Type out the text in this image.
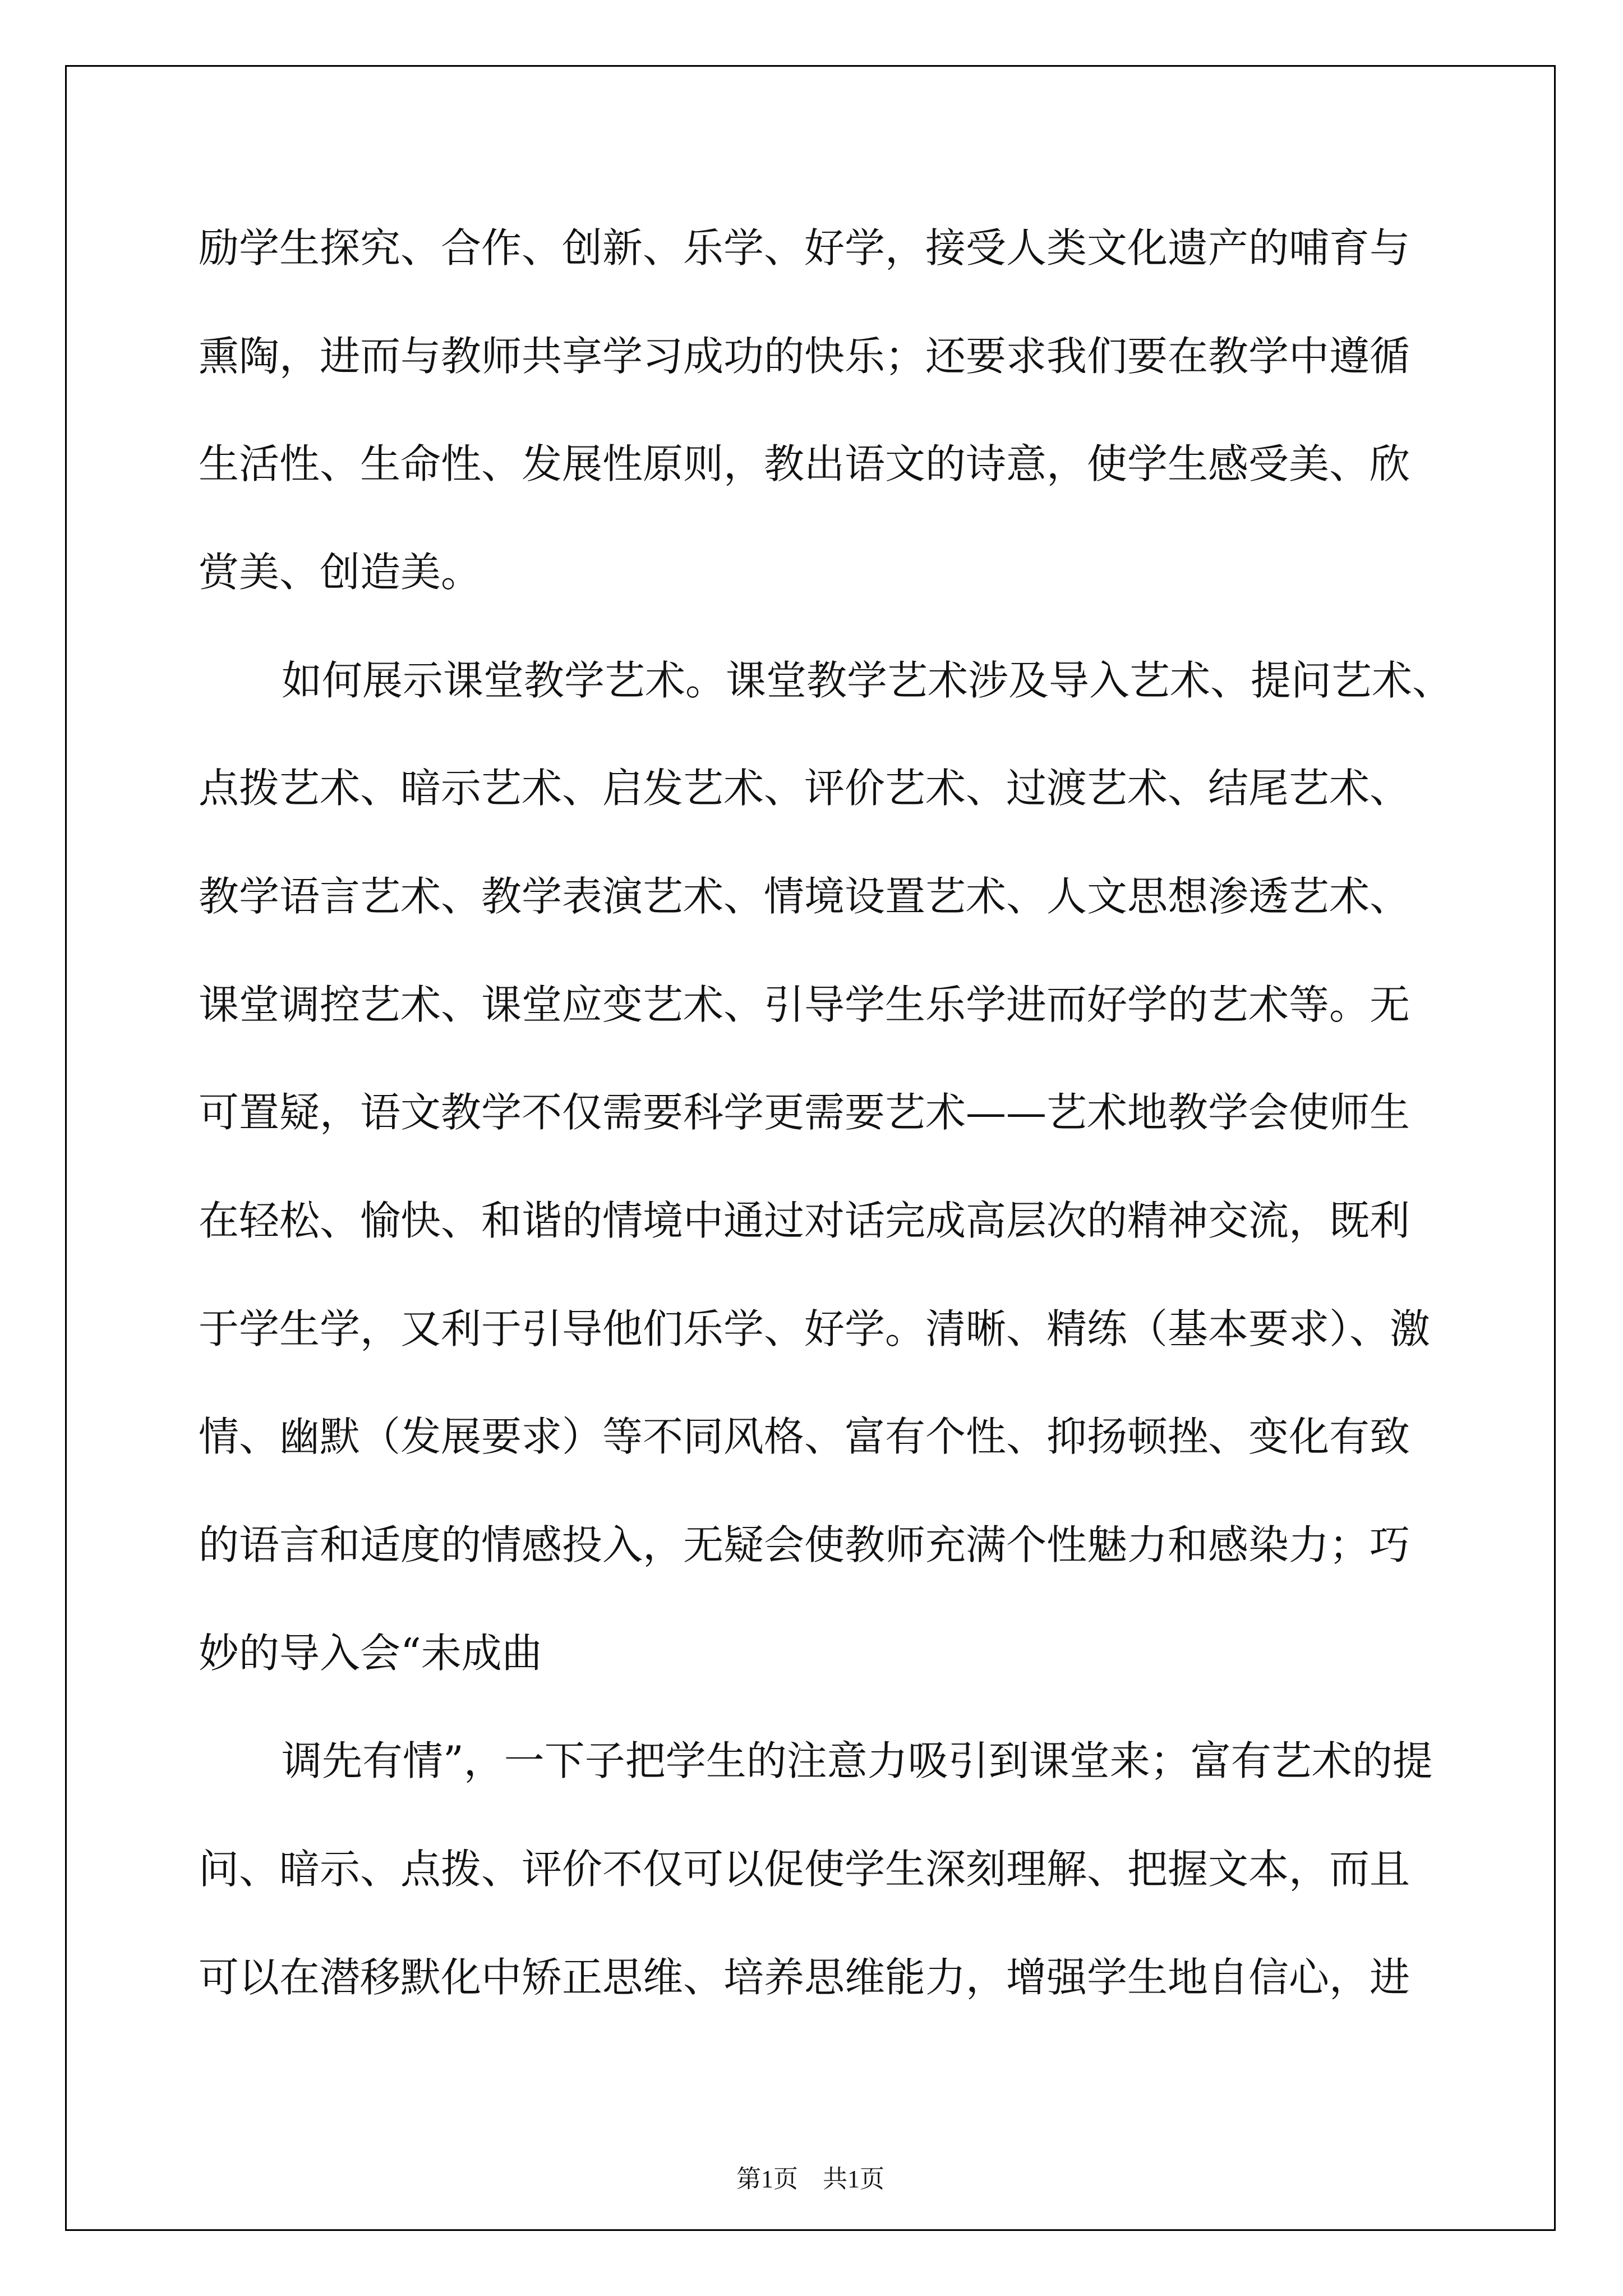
励学生探究、合作、创新、乐学、好学，接受人类文化遗产的哺育与
熏陶，进而与教师共享学习成功的快乐；还要求我们要在教学中遵循
生活性、生命性、发展性原则，教出语文的诗意，使学生感受美、欣
赏美、创造美。
如何展示课堂教学艺术。课堂教学艺术涉及导入艺术、提问艺术、
点拨艺术、暗示艺术、启发艺术、评价艺术、过渡艺术、结尾艺术、
教学语言艺术、教学表演艺术、情境设置艺术、人文思想渗透艺术、
课堂调控艺术、课堂应变艺术、引导学生乐学进而好学的艺术等。无
可置疑，语文教学不仅需要科学更需要艺术——艺术地教学会使师生
在轻松、愉快、和谐的情境中通过对话完成高层次的精神交流，既利
于学生学，又利于引导他们乐学、好学。清晰、精练（基本要求）、激
情、幽默（发展要求）等不同风格、富有个性、抑扬顿挫、变化有致
的语言和适度的情感投入，无疑会使教师充满个性魅力和感染力；巧
妙的导入会“未成曲
调先有情”，一下子把学生的注意力吸引到课堂来；富有艺术的提
问、暗示、点拨、评价不仅可以促使学生深刻理解、把握文本，而且
可以在潜移默化中矫正思维、培养思维能力，增强学生地自信心，进
第1页    共1页
